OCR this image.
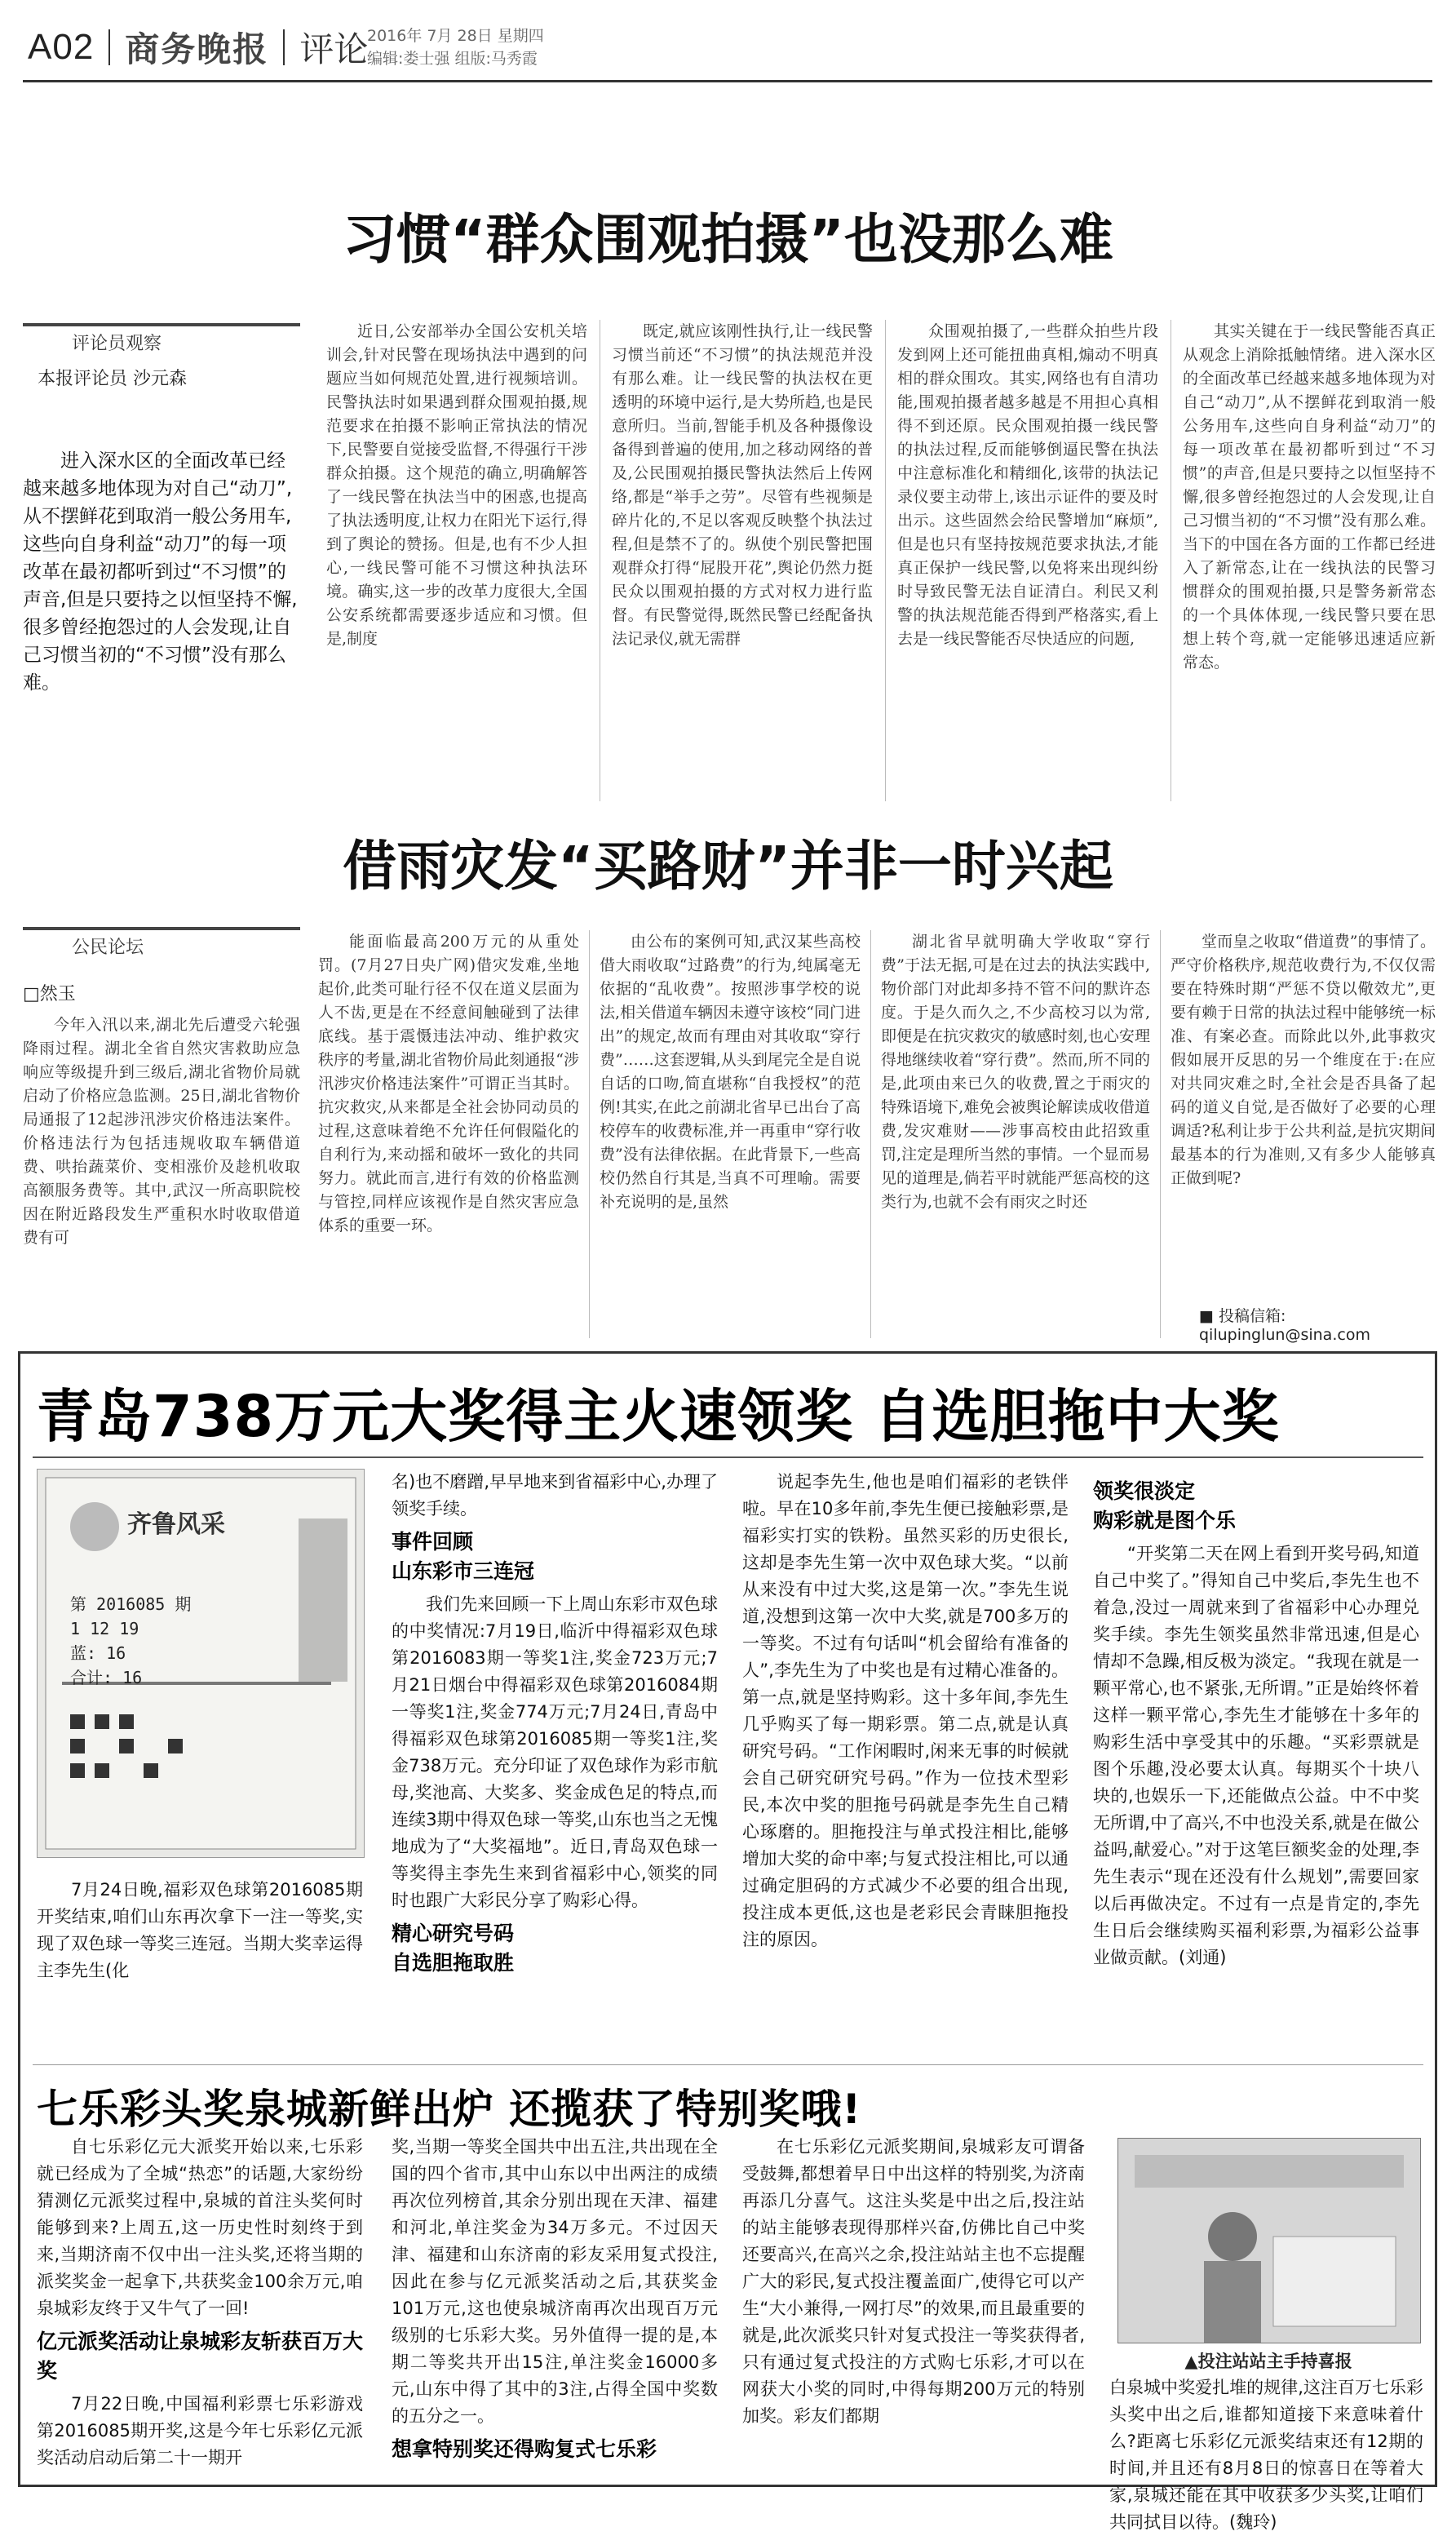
A02 商务晚报 评论
2016年 7月 28日 星期四
编辑:娄士强 组版:马秀霞
习惯“群众围观拍摄”也没那么难
评论员观察
本报评论员 沙元森

进入深水区的全面改革已经越来越多地体现为对自己“动刀”,从不摆鲜花到取消一般公务用车,这些向自身利益“动刀”的每一项改革在最初都听到过“不习惯”的声音,但是只要持之以恒坚持不懈,很多曾经抱怨过的人会发现,让自己习惯当初的“不习惯”没有那么难。

近日,公安部举办全国公安机关培训会,针对民警在现场执法中遇到的问题应当如何规范处置,进行视频培训。民警执法时如果遇到群众围观拍摄,规范要求在拍摄不影响正常执法的情况下,民警要自觉接受监督,不得强行干涉群众拍摄。这个规范的确立,明确解答了一线民警在执法当中的困惑,也提高了执法透明度,让权力在阳光下运行,得到了舆论的赞扬。但是,也有不少人担心,一线民警可能不习惯这种执法环境。确实,这一步的改革力度很大,全国公安系统都需要逐步适应和习惯。但是,制度

既定,就应该刚性执行,让一线民警习惯当前还“不习惯”的执法规范并没有那么难。让一线民警的执法权在更透明的环境中运行,是大势所趋,也是民意所归。当前,智能手机及各种摄像设备得到普遍的使用,加之移动网络的普及,公民围观拍摄民警执法然后上传网络,都是“举手之劳”。尽管有些视频是碎片化的,不足以客观反映整个执法过程,但是禁不了的。纵使个别民警把围观群众打得“屁股开花”,舆论仍然力挺民众以围观拍摄的方式对权力进行监督。有民警觉得,既然民警已经配备执法记录仪,就无需群

众围观拍摄了,一些群众拍些片段发到网上还可能扭曲真相,煽动不明真相的群众围攻。其实,网络也有自清功能,围观拍摄者越多越是不用担心真相得不到还原。民众围观拍摄一线民警的执法过程,反而能够倒逼民警在执法中注意标准化和精细化,该带的执法记录仪要主动带上,该出示证件的要及时出示。这些固然会给民警增加“麻烦”,但是也只有坚持按规范要求执法,才能真正保护一线民警,以免将来出现纠纷时导致民警无法自证清白。利民又利警的执法规范能否得到严格落实,看上去是一线民警能否尽快适应的问题,

其实关键在于一线民警能否真正从观念上消除抵触情绪。进入深水区的全面改革已经越来越多地体现为对自己“动刀”,从不摆鲜花到取消一般公务用车,这些向自身利益“动刀”的每一项改革在最初都听到过“不习惯”的声音,但是只要持之以恒坚持不懈,很多曾经抱怨过的人会发现,让自己习惯当初的“不习惯”没有那么难。当下的中国在各方面的工作都已经进入了新常态,让在一线执法的民警习惯群众的围观拍摄,只是警务新常态的一个具体体现,一线民警只要在思想上转个弯,就一定能够迅速适应新常态。

借雨灾发“买路财”并非一时兴起
公民论坛
□然玉

今年入汛以来,湖北先后遭受六轮强降雨过程。湖北全省自然灾害救助应急响应等级提升到三级后,湖北省物价局就启动了价格应急监测。25日,湖北省物价局通报了12起涉汛涉灾价格违法案件。价格违法行为包括违规收取车辆借道费、哄抬蔬菜价、变相涨价及趁机收取高额服务费等。其中,武汉一所高职院校因在附近路段发生严重积水时收取借道费有可

能面临最高200万元的从重处罚。(7月27日央广网)借灾发难,坐地起价,此类可耻行径不仅在道义层面为人不齿,更是在不经意间触碰到了法律底线。基于震慑违法冲动、维护救灾秩序的考量,湖北省物价局此刻通报“涉汛涉灾价格违法案件”可谓正当其时。抗灾救灾,从来都是全社会协同动员的过程,这意味着绝不允许任何假隘化的自利行为,来动摇和破坏一致化的共同努力。就此而言,进行有效的价格监测与管控,同样应该视作是自然灾害应急体系的重要一环。

由公布的案例可知,武汉某些高校借大雨收取“过路费”的行为,纯属毫无依据的“乱收费”。按照涉事学校的说法,相关借道车辆因未遵守该校“同门进出”的规定,故而有理由对其收取“穿行费”……这套逻辑,从头到尾完全是自说自话的口吻,简直堪称“自我授权”的范例!其实,在此之前湖北省早已出台了高校停车的收费标准,并一再重申“穿行收费”没有法律依据。在此背景下,一些高校仍然自行其是,当真不可理喻。需要补充说明的是,虽然

湖北省早就明确大学收取“穿行费”于法无据,可是在过去的执法实践中,物价部门对此却多持不管不问的默许态度。于是久而久之,不少高校习以为常,即便是在抗灾救灾的敏感时刻,也心安理得地继续收着“穿行费”。然而,所不同的是,此项由来已久的收费,置之于雨灾的特殊语境下,难免会被舆论解读成收借道费,发灾难财——涉事高校由此招致重罚,注定是理所当然的事情。一个显而易见的道理是,倘若平时就能严惩高校的这类行为,也就不会有雨灾之时还

堂而皇之收取“借道费”的事情了。严守价格秩序,规范收费行为,不仅仅需要在特殊时期“严惩不贷以儆效尤”,更要有赖于日常的执法过程中能够统一标准、有案必查。而除此以外,此事救灾假如展开反思的另一个维度在于:在应对共同灾难之时,全社会是否具备了起码的道义自觉,是否做好了必要的心理调适?私利让步于公共利益,是抗灾期间最基本的行为准则,又有多少人能够真正做到呢?

■ 投稿信箱: qilupinglun@sina.com
青岛738万元大奖得主火速领奖 自选胆拖中大奖
齐鲁风采
第 2016085 期
1 12 19
蓝: 16
合计: 16

7月24日晚,福彩双色球第2016085期开奖结束,咱们山东再次拿下一注一等奖,实现了双色球一等奖三连冠。当期大奖幸运得主李先生(化

名)也不磨蹭,早早地来到省福彩中心,办理了领奖手续。

事件回顾
山东彩市三连冠

我们先来回顾一下上周山东彩市双色球的中奖情况:7月19日,临沂中得福彩双色球第2016083期一等奖1注,奖金723万元;7月21日烟台中得福彩双色球第2016084期一等奖1注,奖金774万元;7月24日,青岛中得福彩双色球第2016085期一等奖1注,奖金738万元。充分印证了双色球作为彩市航母,奖池高、大奖多、奖金成色足的特点,而连续3期中得双色球一等奖,山东也当之无愧地成为了“大奖福地”。近日,青岛双色球一等奖得主李先生来到省福彩中心,领奖的同时也跟广大彩民分享了购彩心得。

精心研究号码
自选胆拖取胜

说起李先生,他也是咱们福彩的老铁伴啦。早在10多年前,李先生便已接触彩票,是福彩实打实的铁粉。虽然买彩的历史很长,这却是李先生第一次中双色球大奖。“以前从来没有中过大奖,这是第一次。”李先生说道,没想到这第一次中大奖,就是700多万的一等奖。不过有句话叫“机会留给有准备的人”,李先生为了中奖也是有过精心准备的。第一点,就是坚持购彩。这十多年间,李先生几乎购买了每一期彩票。第二点,就是认真研究号码。“工作闲暇时,闲来无事的时候就会自己研究研究号码。”作为一位技术型彩民,本次中奖的胆拖号码就是李先生自己精心琢磨的。胆拖投注与单式投注相比,能够增加大奖的命中率;与复式投注相比,可以通过确定胆码的方式减少不必要的组合出现,投注成本更低,这也是老彩民会青睐胆拖投注的原因。

领奖很淡定
购彩就是图个乐

“开奖第二天在网上看到开奖号码,知道自己中奖了。”得知自己中奖后,李先生也不着急,没过一周就来到了省福彩中心办理兑奖手续。李先生领奖虽然非常迅速,但是心情却不急躁,相反极为淡定。“我现在就是一颗平常心,也不紧张,无所谓。”正是始终怀着这样一颗平常心,李先生才能够在十多年的购彩生活中享受其中的乐趣。“买彩票就是图个乐趣,没必要太认真。每期买个十块八块的,也娱乐一下,还能做点公益。中不中奖无所谓,中了高兴,不中也没关系,就是在做公益吗,献爱心。”对于这笔巨额奖金的处理,李先生表示“现在还没有什么规划”,需要回家以后再做决定。不过有一点是肯定的,李先生日后会继续购买福利彩票,为福彩公益事业做贡献。(刘通)

七乐彩头奖泉城新鲜出炉 还揽获了特别奖哦!

自七乐彩亿元大派奖开始以来,七乐彩就已经成为了全城“热恋”的话题,大家纷纷猜测亿元派奖过程中,泉城的首注头奖何时能够到来?上周五,这一历史性时刻终于到来,当期济南不仅中出一注头奖,还将当期的派奖奖金一起拿下,共获奖金100余万元,咱泉城彩友终于又牛气了一回!

亿元派奖活动让泉城彩友斩获百万大奖

7月22日晚,中国福利彩票七乐彩游戏第2016085期开奖,这是今年七乐彩亿元派奖活动启动后第二十一期开

奖,当期一等奖全国共中出五注,共出现在全国的四个省市,其中山东以中出两注的成绩再次位列榜首,其余分别出现在天津、福建和河北,单注奖金为34万多元。不过因天津、福建和山东济南的彩友采用复式投注,因此在参与亿元派奖活动之后,其获奖金101万元,这也使泉城济南再次出现百万元级别的七乐彩大奖。另外值得一提的是,本期二等奖共开出15注,单注奖金16000多元,山东中得了其中的3注,占得全国中奖数的五分之一。

想拿特别奖还得购复式七乐彩

在七乐彩亿元派奖期间,泉城彩友可谓备受鼓舞,都想着早日中出这样的特别奖,为济南再添几分喜气。这注头奖是中出之后,投注站的站主能够表现得那样兴奋,仿佛比自己中奖还要高兴,在高兴之余,投注站站主也不忘提醒广大的彩民,复式投注覆盖面广,使得它可以产生“大小兼得,一网打尽”的效果,而且最重要的就是,此次派奖只针对复式投注一等奖获得者,只有通过复式投注的方式购七乐彩,才可以在网获大小奖的同时,中得每期200万元的特别加奖。彩友们都期

▲投注站站主手持喜报

白泉城中奖爱扎堆的规律,这注百万七乐彩头奖中出之后,谁都知道接下来意味着什么?距离七乐彩亿元派奖结束还有12期的时间,并且还有8月8日的惊喜日在等着大家,泉城还能在其中收获多少头奖,让咱们共同拭目以待。(魏玲)
